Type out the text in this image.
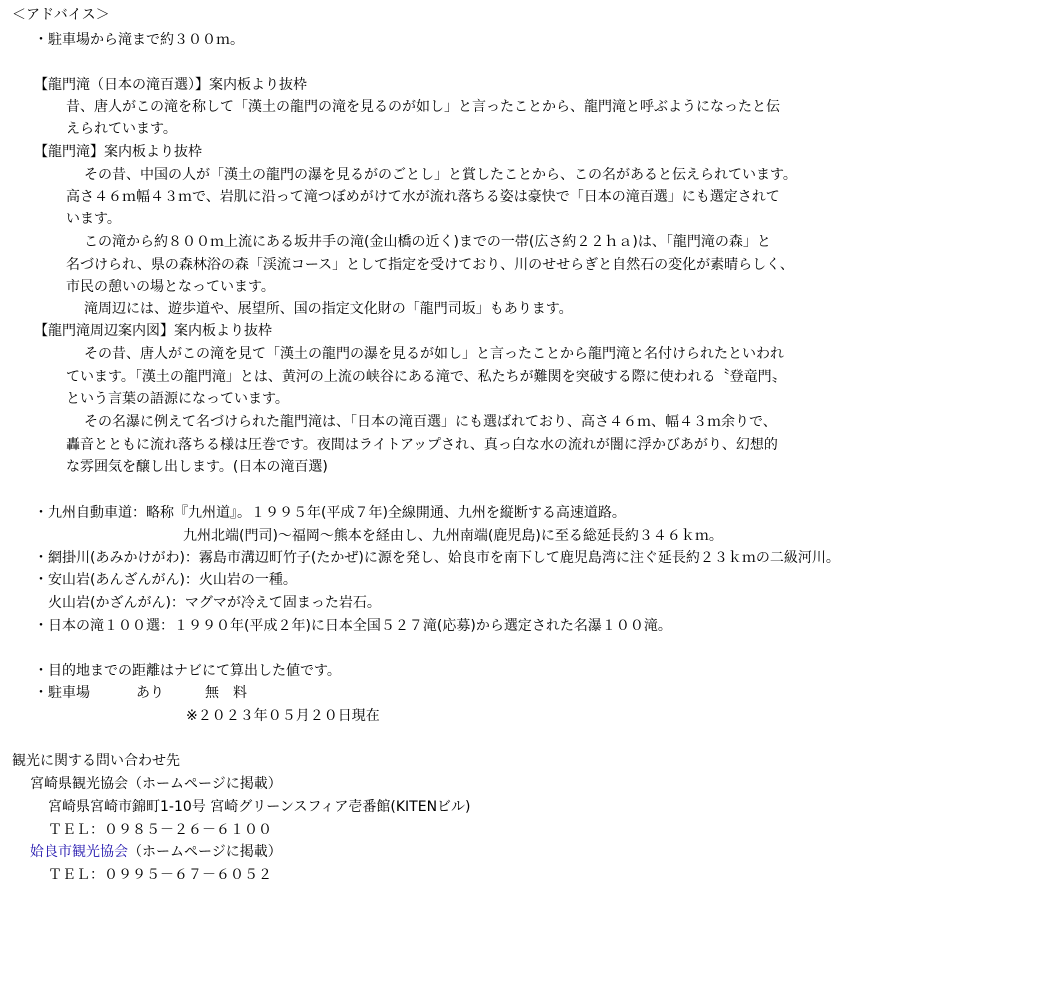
＜アドバイス＞
・駐車場から滝まで約３００ｍ。
【龍門滝（日本の滝百選）】案内板より抜枠
昔、唐人がこの滝を称して「漢土の龍門の滝を見るのが如し」と言ったことから、龍門滝と呼ぶようになったと伝
えられています。
【龍門滝】案内板より抜枠
その昔、中国の人が「漢土の龍門の瀑を見るがのごとし」と賞したことから、この名があると伝えられています。
高さ４６ｍ幅４３ｍで、岩肌に沿って滝つぼめがけて水が流れ落ちる姿は豪快で「日本の滝百選」にも選定されて
います。
この滝から約８００ｍ上流にある坂井手の滝(金山橋の近く)までの一帯(広さ約２２ｈａ)は、「龍門滝の森」と
名づけられ、県の森林浴の森「渓流コース」として指定を受けており、川のせせらぎと自然石の変化が素晴らしく、
市民の憩いの場となっています。
滝周辺には、遊歩道や、展望所、国の指定文化財の「龍門司坂」もあります。
【龍門滝周辺案内図】案内板より抜枠
その昔、唐人がこの滝を見て「漢土の龍門の瀑を見るが如し」と言ったことから龍門滝と名付けられたといわれ
ています。「漢土の龍門滝」とは、黄河の上流の峡谷にある滝で、私たちが難関を突破する際に使われる〝登竜門〟
という言葉の語源になっています。
その名瀑に例えて名づけられた龍門滝は、「日本の滝百選」にも選ばれており、高さ４６ｍ、幅４３ｍ余りで、
轟音とともに流れ落ちる様は圧巻です。夜間はライトアップされ、真っ白な水の流れが闇に浮かびあがり、幻想的
な雰囲気を醸し出します。(日本の滝百選)
・九州自動車道：略称『九州道』。１９９５年(平成７年)全線開通、九州を縦断する高速道路。
九州北端(門司)～福岡～熊本を経由し、九州南端(鹿児島)に至る総延長約３４６ｋｍ。
・網掛川(あみかけがわ)：霧島市溝辺町竹子(たかぜ)に源を発し、姶良市を南下して鹿児島湾に注ぐ延長約２３ｋｍの二級河川。
・安山岩(あんざんがん)：火山岩の一種。
火山岩(かざんがん)：マグマが冷えて固まった岩石。
・日本の滝１００選：１９９０年(平成２年)に日本全国５２７滝(応募)から選定された名瀑１００滝。
・目的地までの距離はナビにて算出した値です。
・駐車場	あり	無　料
※２０２３年０５月２０日現在
観光に関する問い合わせ先
宮崎県観光協会（ホームページに掲載）
宮崎県宮崎市錦町1-10号 宮崎グリーンスフィア壱番館(KITENビル)
ＴＥＬ：０９８５－２６－６１００
姶良市観光協会（ホームページに掲載）
ＴＥＬ：０９９５－６７－６０５２
